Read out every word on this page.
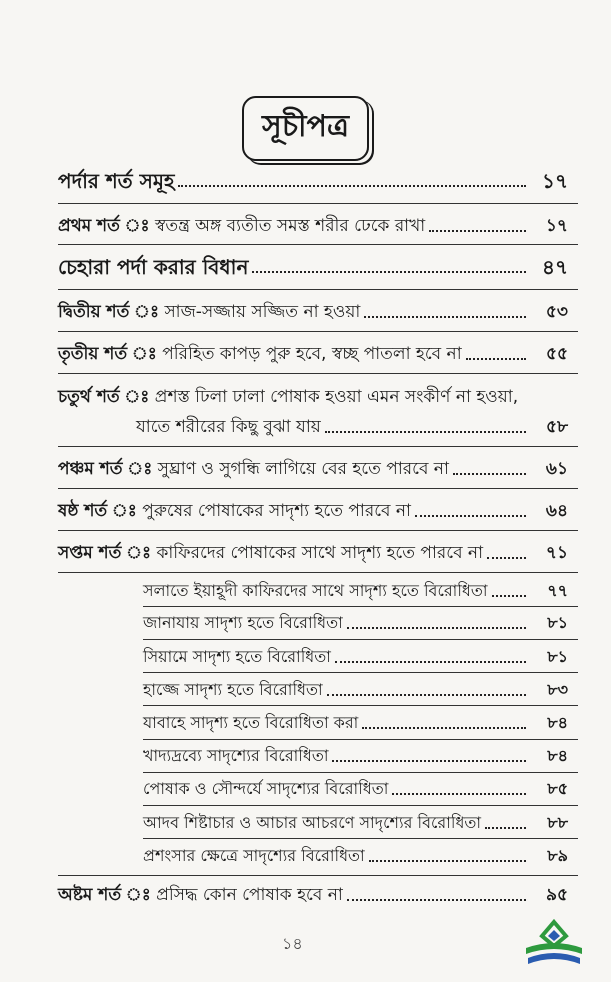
সূচীপত্র
পর্দার শর্ত সমূহ	১৭
প্রথম শর্ত ঃ স্বতন্ত্র অঙ্গ ব্যতীত সমস্ত শরীর ঢেকে রাখা	১৭
চেহারা পর্দা করার বিধান	৪৭
দ্বিতীয় শর্ত ঃ সাজ-সজ্জায় সজ্জিত না হওয়া	৫৩
তৃতীয় শর্ত ঃ পরিহিত কাপড় পুরু হবে, স্বচ্ছ পাতলা হবে না	৫৫
চতুর্থ শর্ত ঃ প্রশস্ত ঢিলা ঢালা পোষাক হওয়া এমন সংকীর্ণ না হওয়া,
যাতে শরীরের কিছু বুঝা যায়	৫৮
পঞ্চম শর্ত ঃ সুঘ্রাণ ও সুগন্ধি লাগিয়ে বের হতে পারবে না	৬১
ষষ্ঠ শর্ত ঃ পুরুষের পোষাকের সাদৃশ্য হতে পারবে না	৬৪
সপ্তম শর্ত ঃ কাফিরদের পোষাকের সাথে সাদৃশ্য হতে পারবে না	৭১
সলাতে ইয়াহূদী কাফিরদের সাথে সাদৃশ্য হতে বিরোধিতা	৭৭
জানাযায় সাদৃশ্য হতে বিরোধিতা	৮১
সিয়ামে সাদৃশ্য হতে বিরোধিতা	৮১
হাজ্জে সাদৃশ্য হতে বিরোধিতা	৮৩
যাবাহে সাদৃশ্য হতে বিরোধিতা করা	৮৪
খাদ্যদ্রব্যে সাদৃশ্যের বিরোধিতা	৮৪
পোষাক ও সৌন্দর্যে সাদৃশ্যের বিরোধিতা	৮৫
আদব শিষ্টাচার ও আচার আচরণে সাদৃশ্যের বিরোধিতা	৮৮
প্রশংসার ক্ষেত্রে সাদৃশ্যের বিরোধিতা	৮৯
অষ্টম শর্ত ঃ প্রসিদ্ধ কোন পোষাক হবে না	৯৫
১৪
